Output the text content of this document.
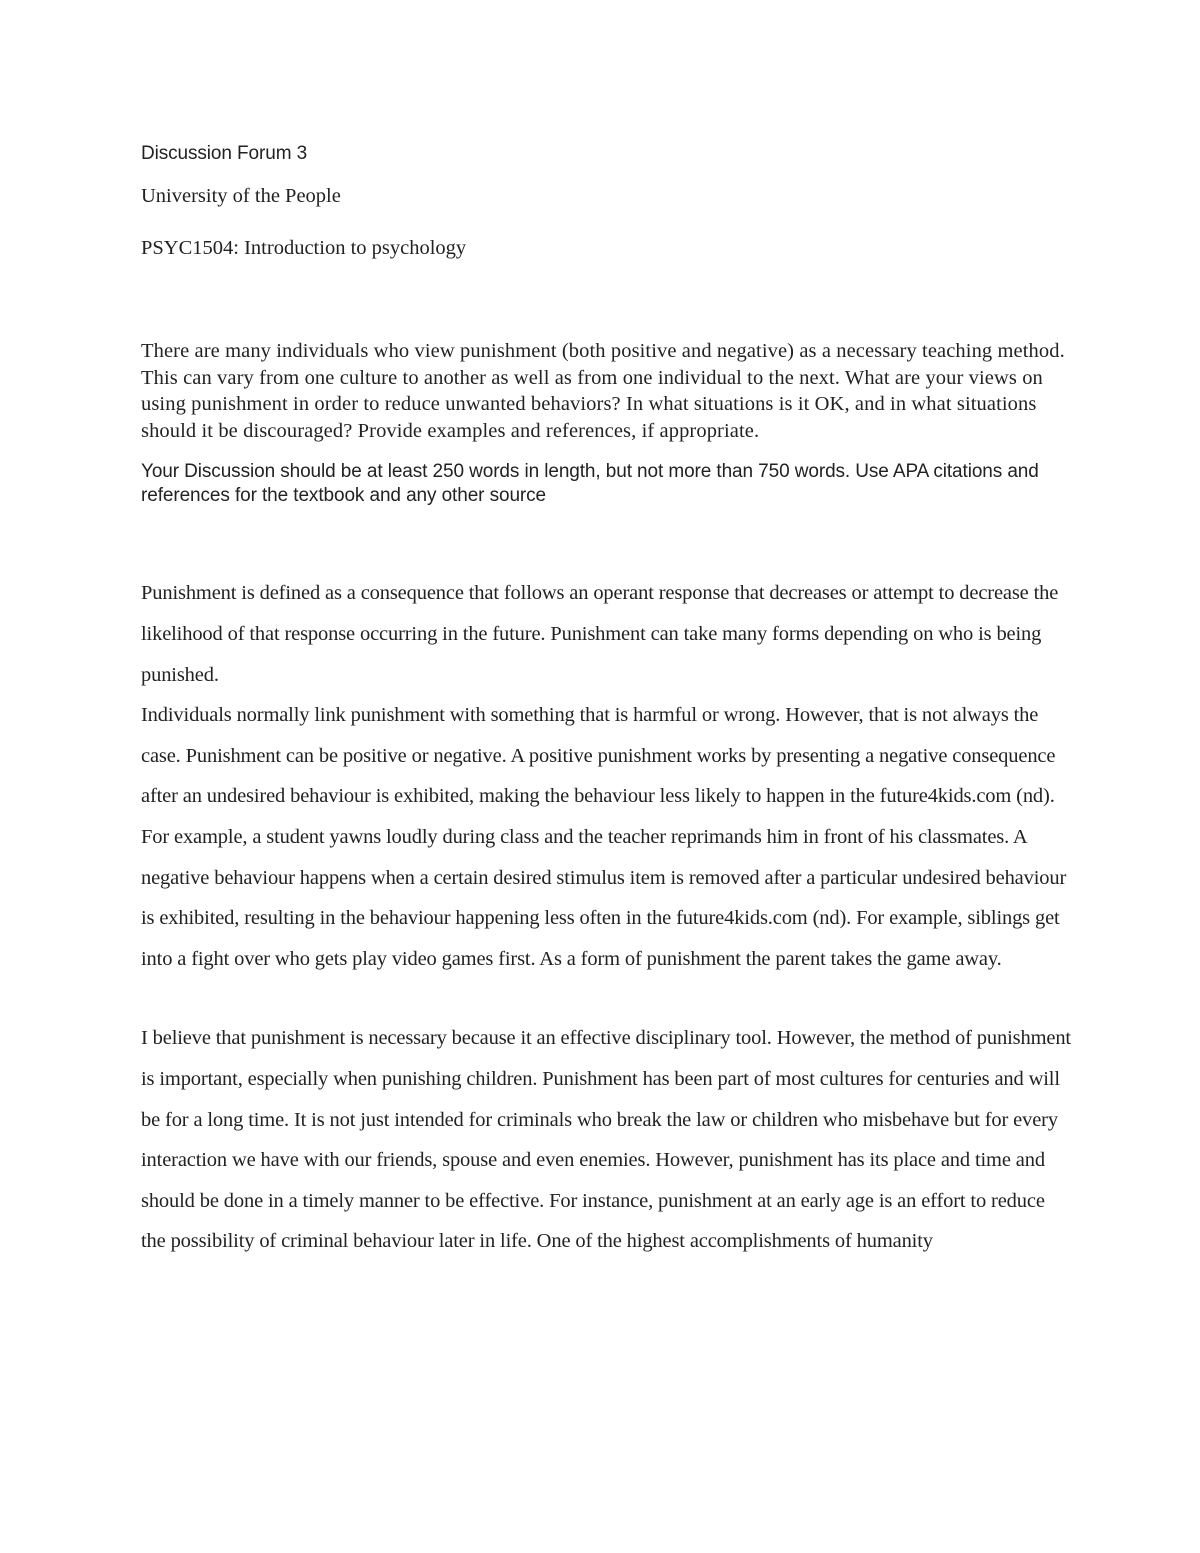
Discussion Forum 3

University of the People

PSYC1504: Introduction to psychology

There are many individuals who view punishment (both positive and negative) as a necessary teaching method. This can vary from one culture to another as well as from one individual to the next. What are your views on using punishment in order to reduce unwanted behaviors? In what situations is it OK, and in what situations should it be discouraged? Provide examples and references, if appropriate.

Your Discussion should be at least 250 words in length, but not more than 750 words. Use APA citations and references for the textbook and any other source

Punishment is defined as a consequence that follows an operant response that decreases or attempt to decrease the likelihood of that response occurring in the future. Punishment can take many forms depending on who is being punished.

Individuals normally link punishment with something that is harmful or wrong. However, that is not always the case. Punishment can be positive or negative. A positive punishment works by presenting a negative consequence after an undesired behaviour is exhibited, making the behaviour less likely to happen in the future4kids.com (nd). For example, a student yawns loudly during class and the teacher reprimands him in front of his classmates. A negative behaviour happens when a certain desired stimulus item is removed after a particular undesired behaviour is exhibited, resulting in the behaviour happening less often in the future4kids.com (nd). For example, siblings get into a fight over who gets play video games first. As a form of punishment the parent takes the game away.

I believe that punishment is necessary because it an effective disciplinary tool. However, the method of punishment is important, especially when punishing children. Punishment has been part of most cultures for centuries and will be for a long time. It is not just intended for criminals who break the law or children who misbehave but for every interaction we have with our friends, spouse and even enemies. However, punishment has its place and time and should be done in a timely manner to be effective. For instance, punishment at an early age is an effort to reduce the possibility of criminal behaviour later in life. One of the highest accomplishments of humanity
